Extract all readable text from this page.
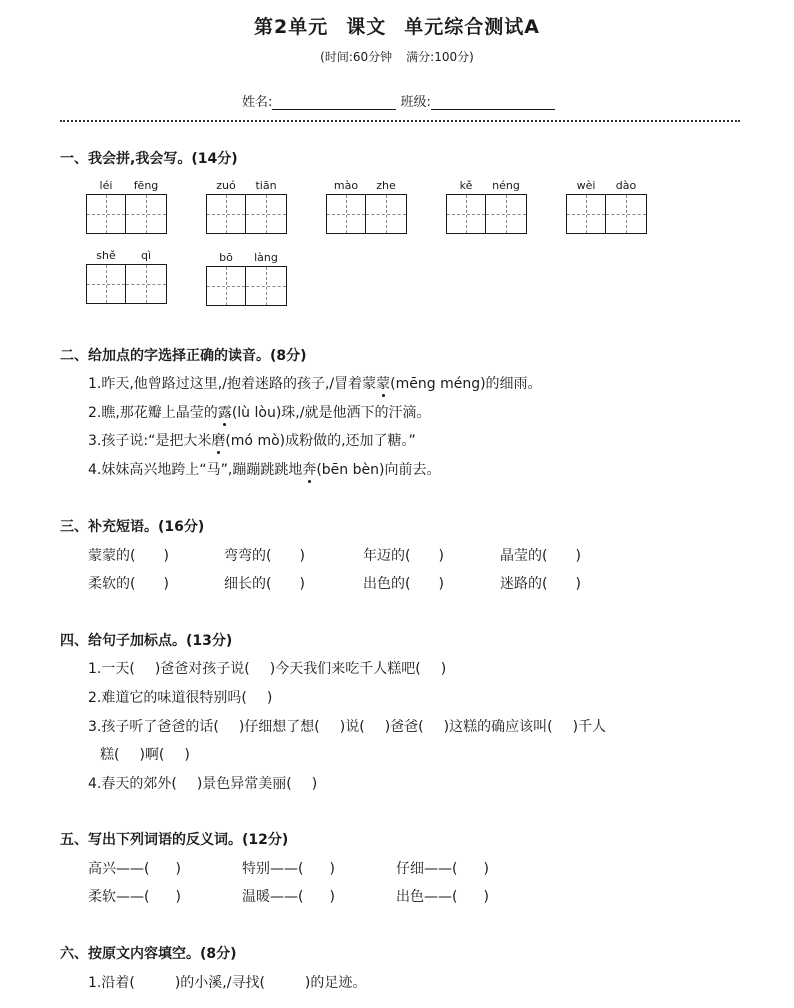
第2单元 课文 单元综合测试A
(时间:60分钟 满分:100分)
姓名:	班级:
一、我会拼,我会写。(14分)
léi	fēng	zuó	tiān	mào	zhe	kě	néng	wèi	dào
shě	qì	bō	làng
二、给加点的字选择正确的读音。(8分)
1.昨天,他曾路过这里,/抱着迷路的孩子,/冒着蒙蒙(mēng méng)的细雨。
2.瞧,那花瓣上晶莹的露(lù lòu)珠,/就是他洒下的汗滴。
3.孩子说:“是把大米磨(mó mò)成粉做的,还加了糖。”
4.妹妹高兴地跨上“马”,蹦蹦跳跳地奔(bēn bèn)向前去。
三、补充短语。(16分)
蒙蒙的( )	弯弯的( )	年迈的( )	晶莹的( )
柔软的( )	细长的( )	出色的( )	迷路的( )
四、给句子加标点。(13分)
1.一天( )爸爸对孩子说( )今天我们来吃千人糕吧( )
2.难道它的味道很特别吗( )
3.孩子听了爸爸的话( )仔细想了想( )说( )爸爸( )这糕的确应该叫( )千人
糕( )啊( )
4.春天的郊外( )景色异常美丽( )
五、写出下列词语的反义词。(12分)
高兴——( )	特别——( )	仔细——( )
柔软——( )	温暖——( )	出色——( )
六、按原文内容填空。(8分)
1.沿着(	)的小溪,/寻找(	)的足迹。
